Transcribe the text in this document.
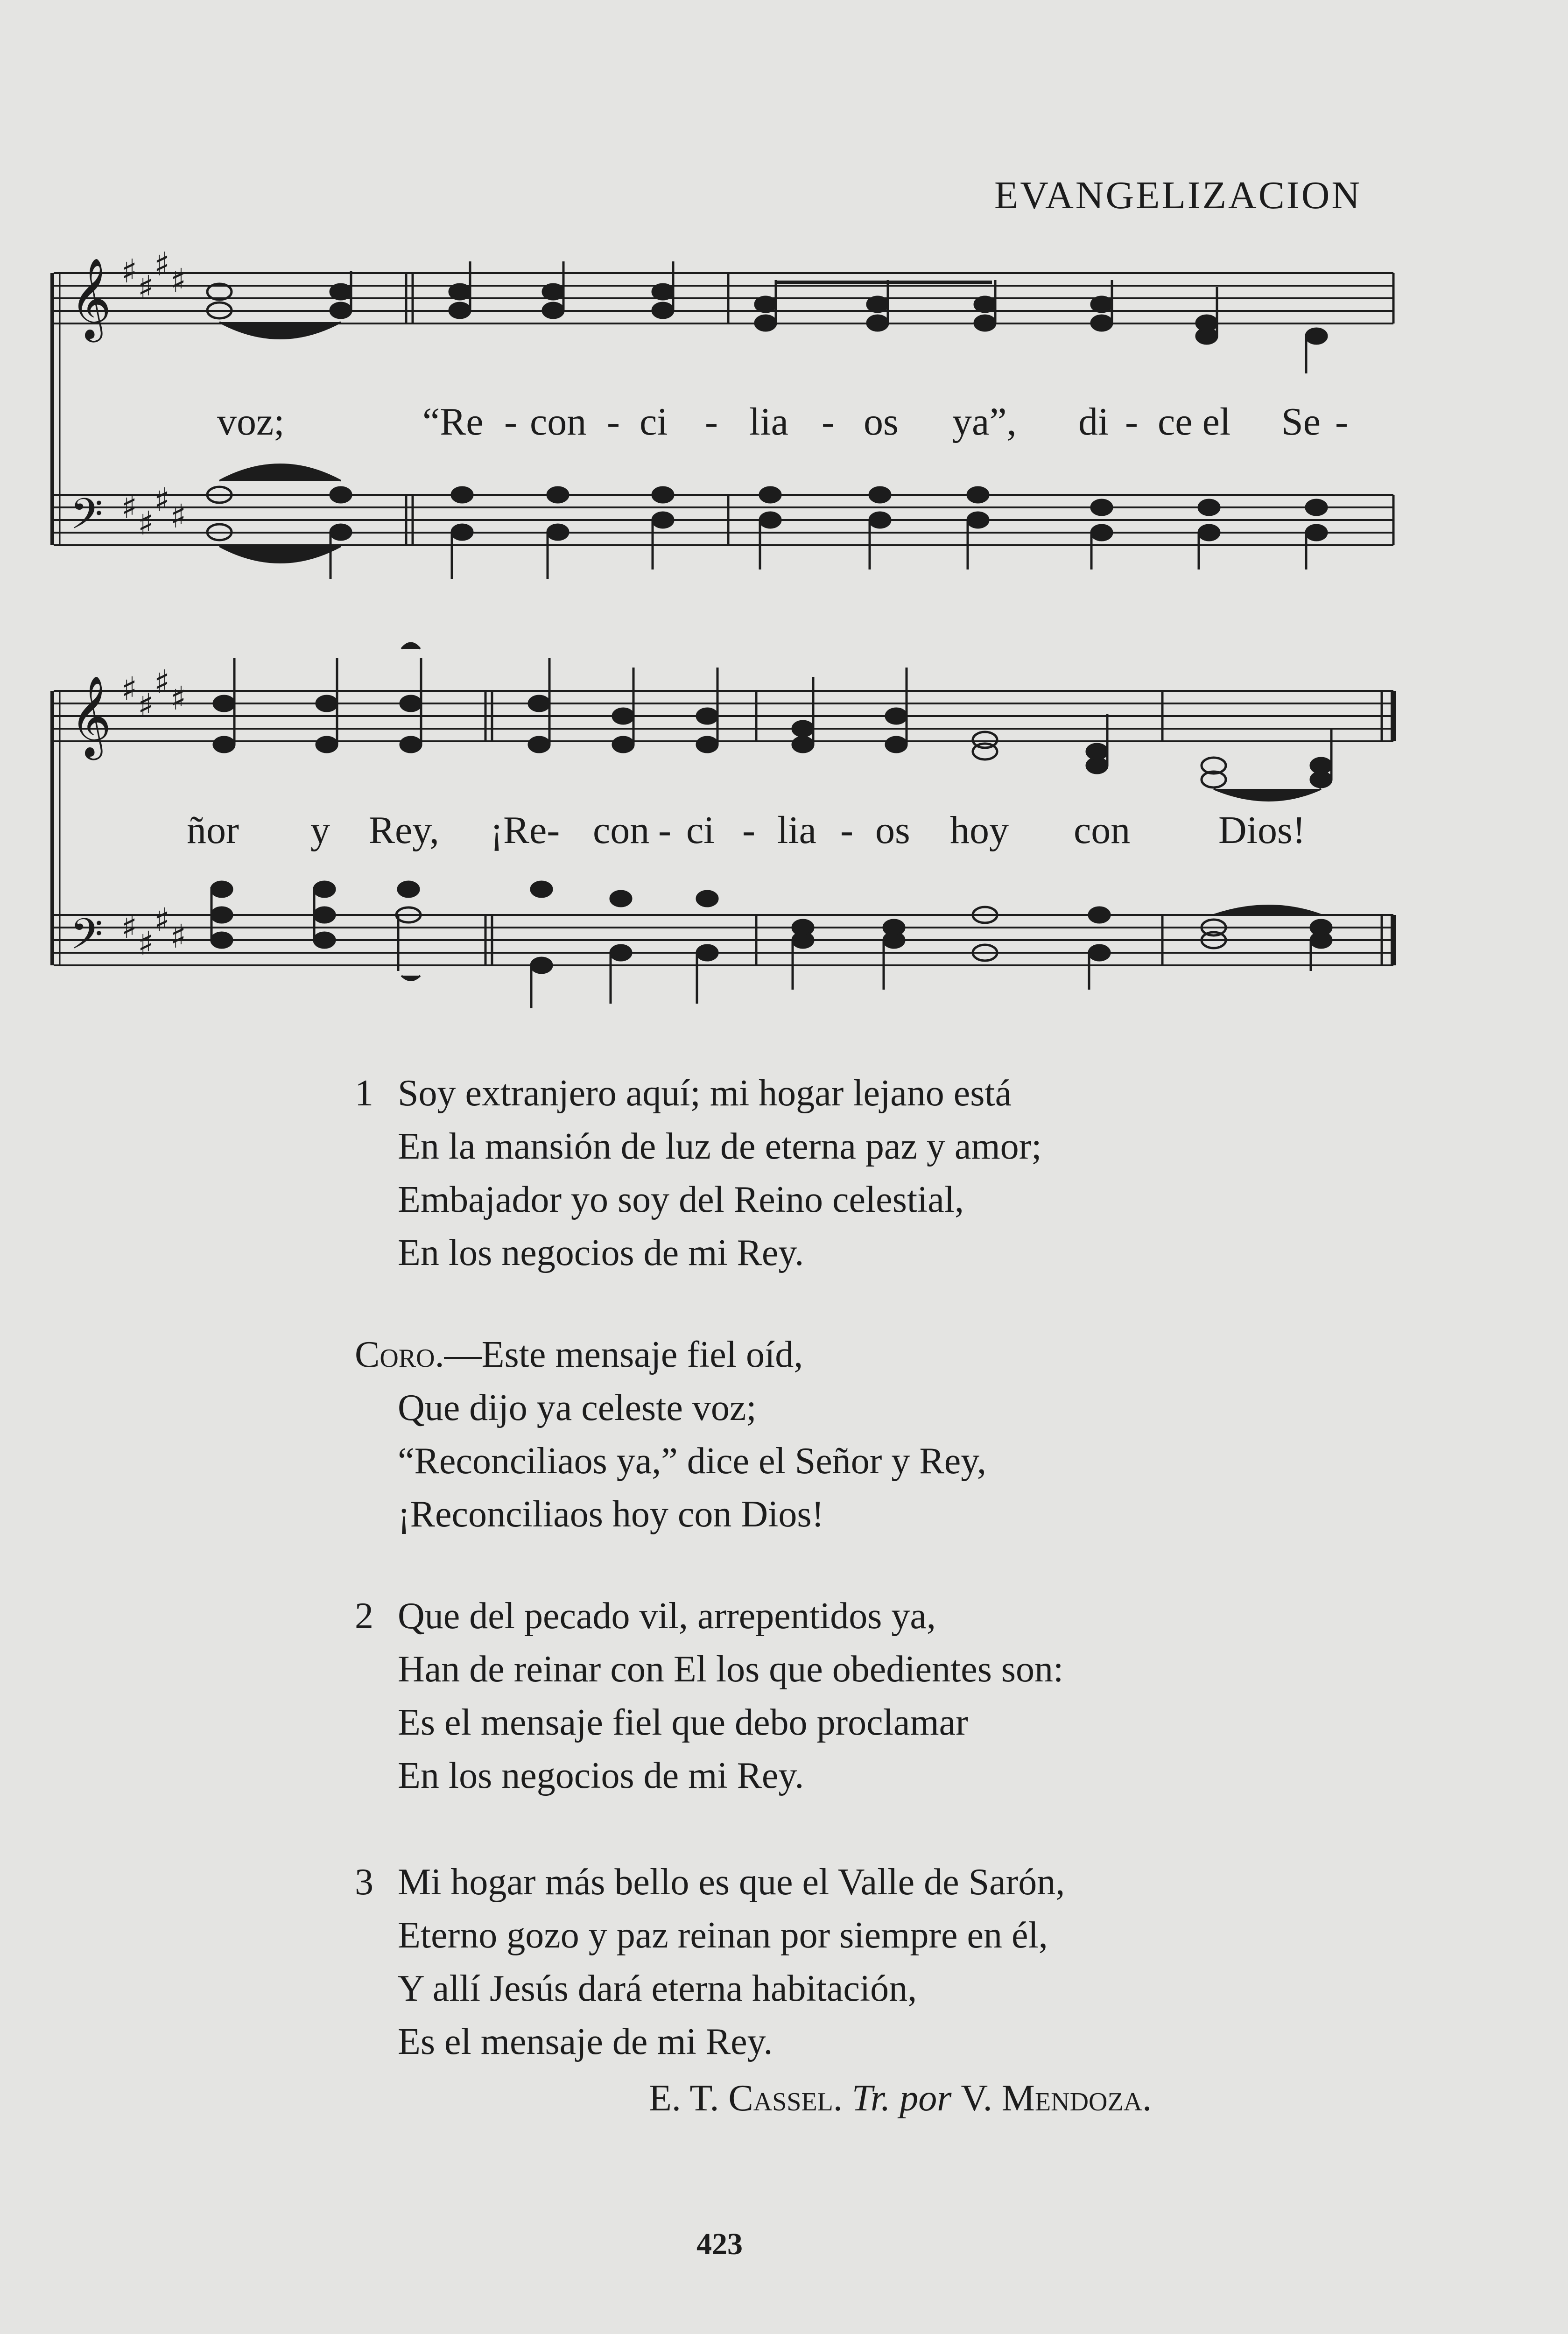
EVANGELIZACION
𝄞
𝄢
♯ ♯
♯ ♯
♯ ♯
♯ ♯
𝄞
𝄢
♯ ♯
♯ ♯
♯ ♯
♯ ♯
voz;	“Re - con - ci - lia - os ya”, di - ce el Se -
ñor y Rey, ¡Re- con - ci - lia - os hoy con Dios!
1 Soy extranjero aquí; mi hogar lejano está
En la mansión de luz de eterna paz y amor;
Embajador yo soy del Reino celestial,
En los negocios de mi Rey.
Coro.—Este mensaje fiel oíd,
Que dijo ya celeste voz;
“Reconciliaos ya,” dice el Señor y Rey,
¡Reconciliaos hoy con Dios!
2 Que del pecado vil, arrepentidos ya,
Han de reinar con El los que obedientes son:
Es el mensaje fiel que debo proclamar
En los negocios de mi Rey.
3 Mi hogar más bello es que el Valle de Sarón,
Eterno gozo y paz reinan por siempre en él,
Y allí Jesús dará eterna habitación,
Es el mensaje de mi Rey.
E. T. Cassel. Tr. por V. Mendoza.
423
